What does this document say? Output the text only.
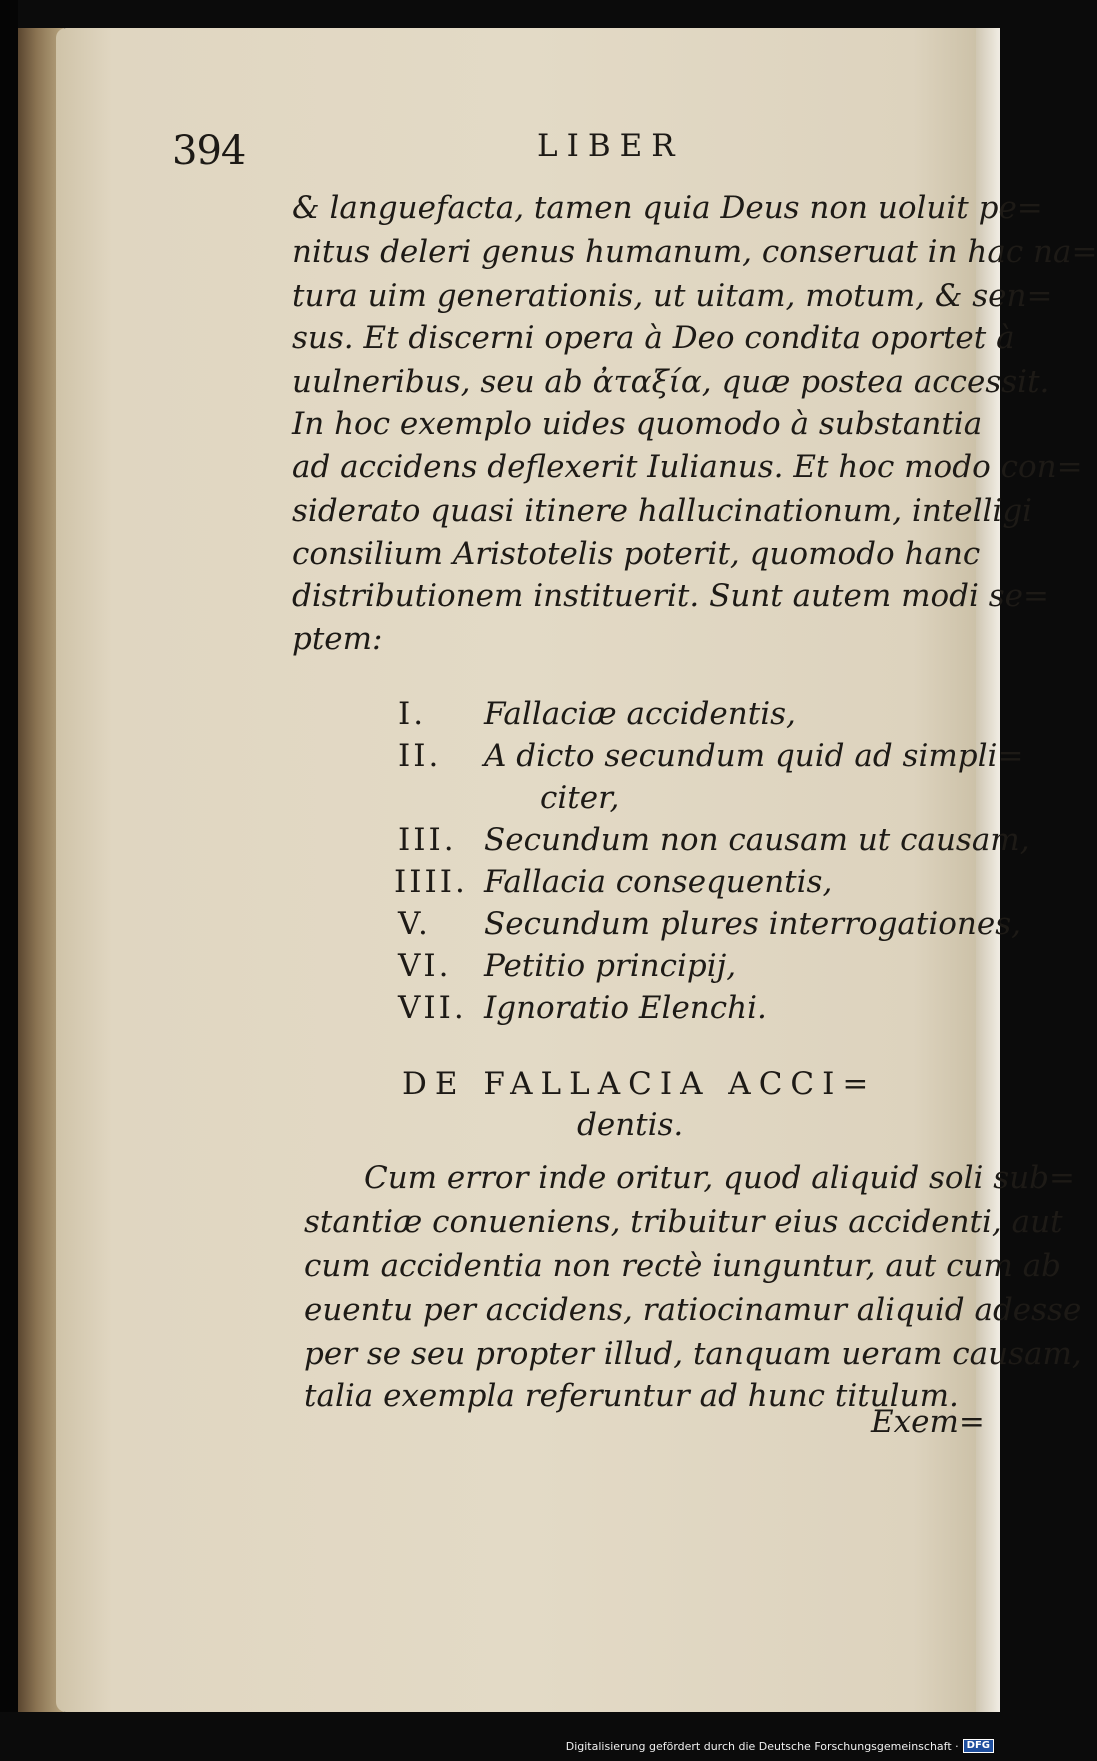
394	LIBER
& languefacta, tamen quia Deus non uoluit pe=
nitus deleri genus humanum, conseruat in hac na=
tura uim generationis, ut uitam, motum, & sen=
sus. Et discerni opera à Deo condita oportet à
uulneribus, seu ab ἀταξία, quæ postea accessit.
In hoc exemplo uides quomodo à substantia
ad accidens deflexerit Iulianus. Et hoc modo con=
siderato quasi itinere hallucinationum, intelligi
consilium Aristotelis poterit, quomodo hanc
distributionem instituerit. Sunt autem modi se=
ptem:
I. Fallaciæ accidentis,
II. A dicto secundum quid ad simpli=
citer,
III. Secundum non causam ut causam,
IIII. Fallacia consequentis,
V. Secundum plures interrogationes,
VI. Petitio principij,
VII. Ignoratio Elenchi.
DE FALLACIA ACCI=
dentis.
Cum error inde oritur, quod aliquid soli sub=
stantiæ conueniens, tribuitur eius accidenti, aut
cum accidentia non rectè iunguntur, aut cum ab
euentu per accidens, ratiocinamur aliquid adesse
per se seu propter illud, tanquam ueram causam,
talia exempla referuntur ad hunc titulum.
Exem=
Digitalisierung gefördert durch die Deutsche Forschungsgemeinschaft · DFG
